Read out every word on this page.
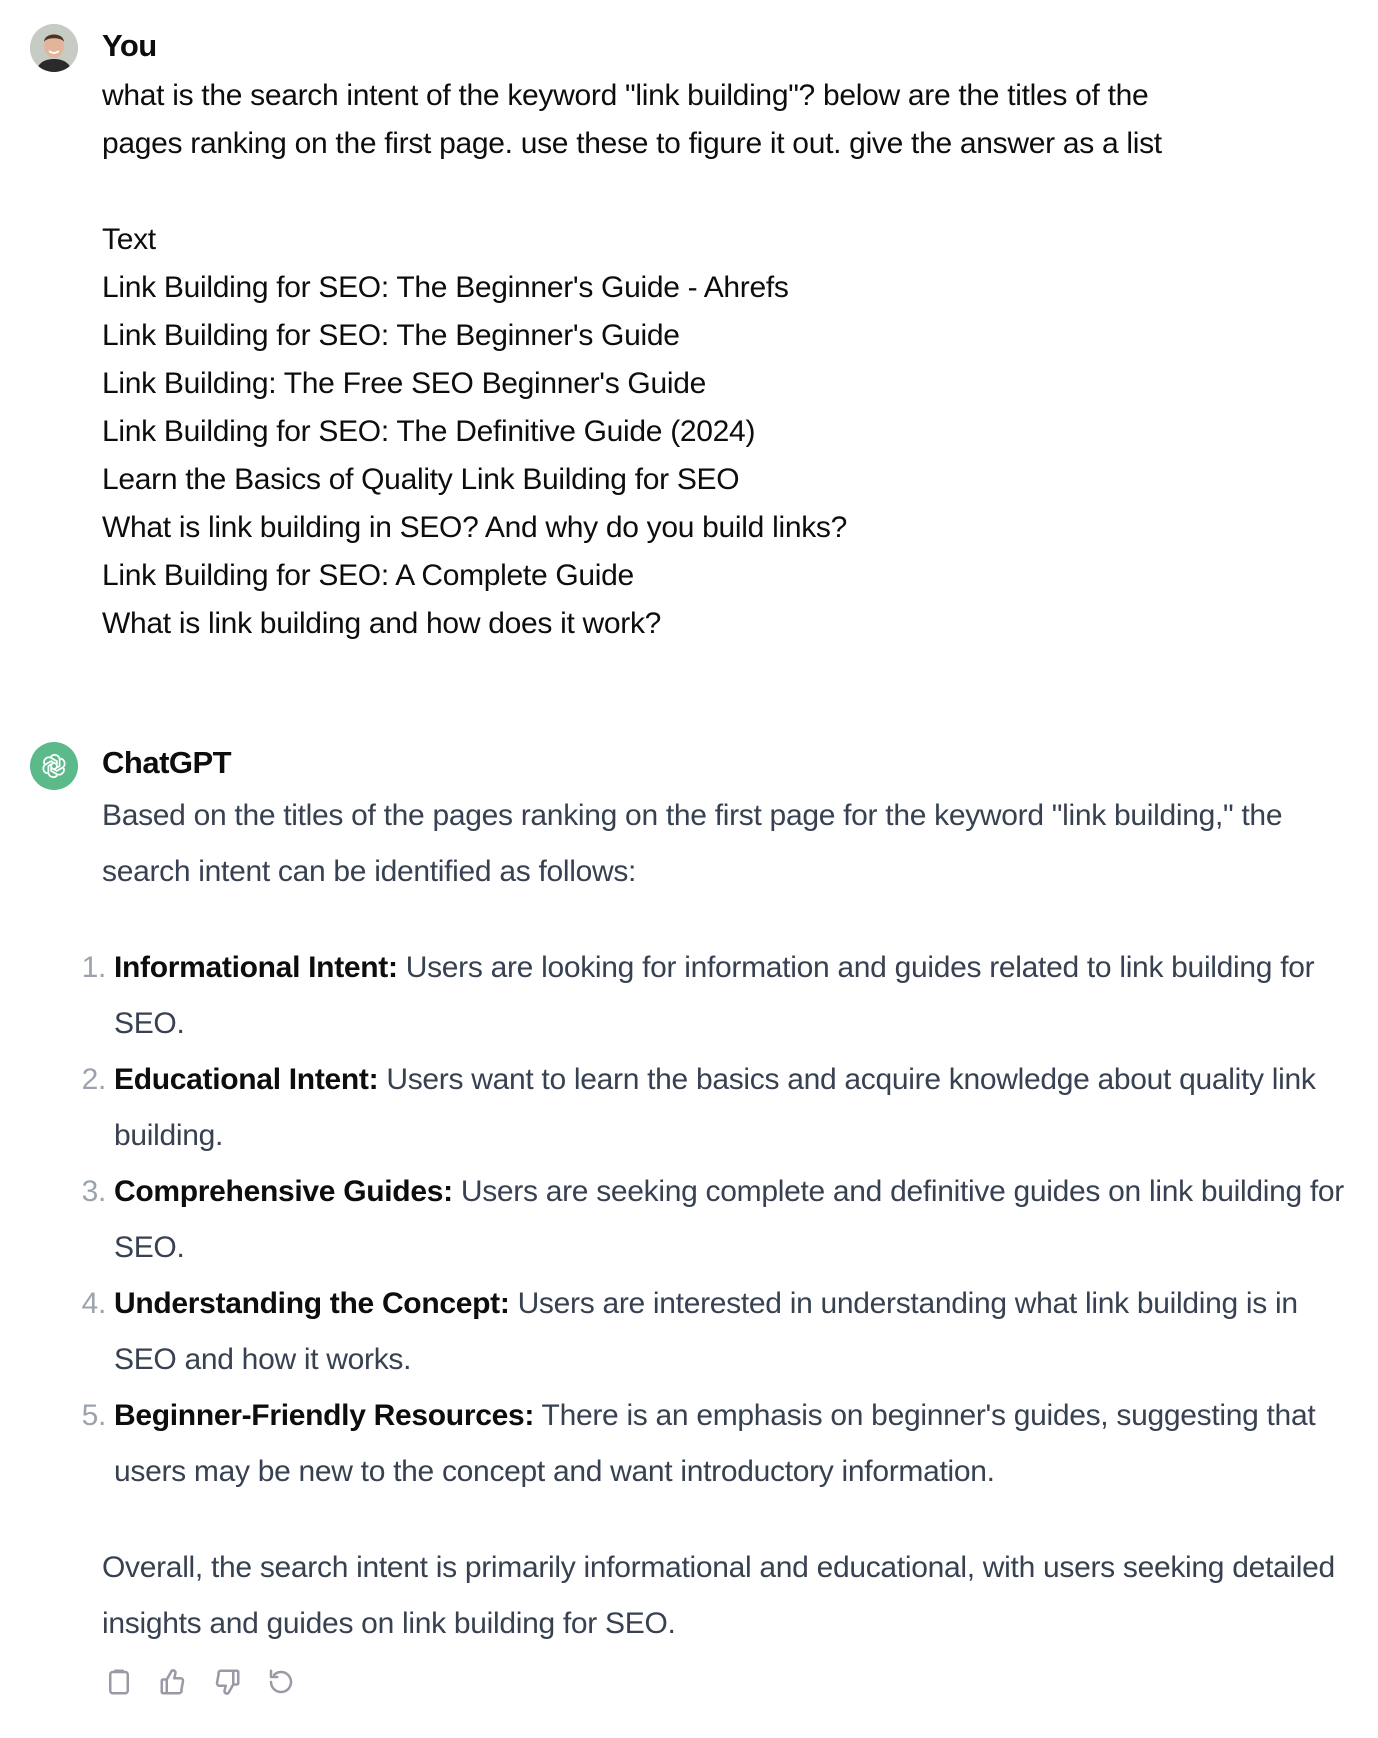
You

what is the search intent of the keyword "link building"? below are the titles of the

pages ranking on the first page. use these to figure it out. give the answer as a list

Text

Link Building for SEO: The Beginner's Guide - Ahrefs

Link Building for SEO: The Beginner's Guide

Link Building: The Free SEO Beginner's Guide

Link Building for SEO: The Definitive Guide (2024)

Learn the Basics of Quality Link Building for SEO

What is link building in SEO? And why do you build links?

Link Building for SEO: A Complete Guide

What is link building and how does it work?

ChatGPT

Based on the titles of the pages ranking on the first page for the keyword "link building," the search intent can be identified as follows:

1. Informational Intent: Users are looking for information and guides related to link building for SEO.
2. Educational Intent: Users want to learn the basics and acquire knowledge about quality link building.
3. Comprehensive Guides: Users are seeking complete and definitive guides on link building for SEO.
4. Understanding the Concept: Users are interested in understanding what link building is in SEO and how it works.
5. Beginner-Friendly Resources: There is an emphasis on beginner's guides, suggesting that users may be new to the concept and want introductory information.

Overall, the search intent is primarily informational and educational, with users seeking detailed insights and guides on link building for SEO.
